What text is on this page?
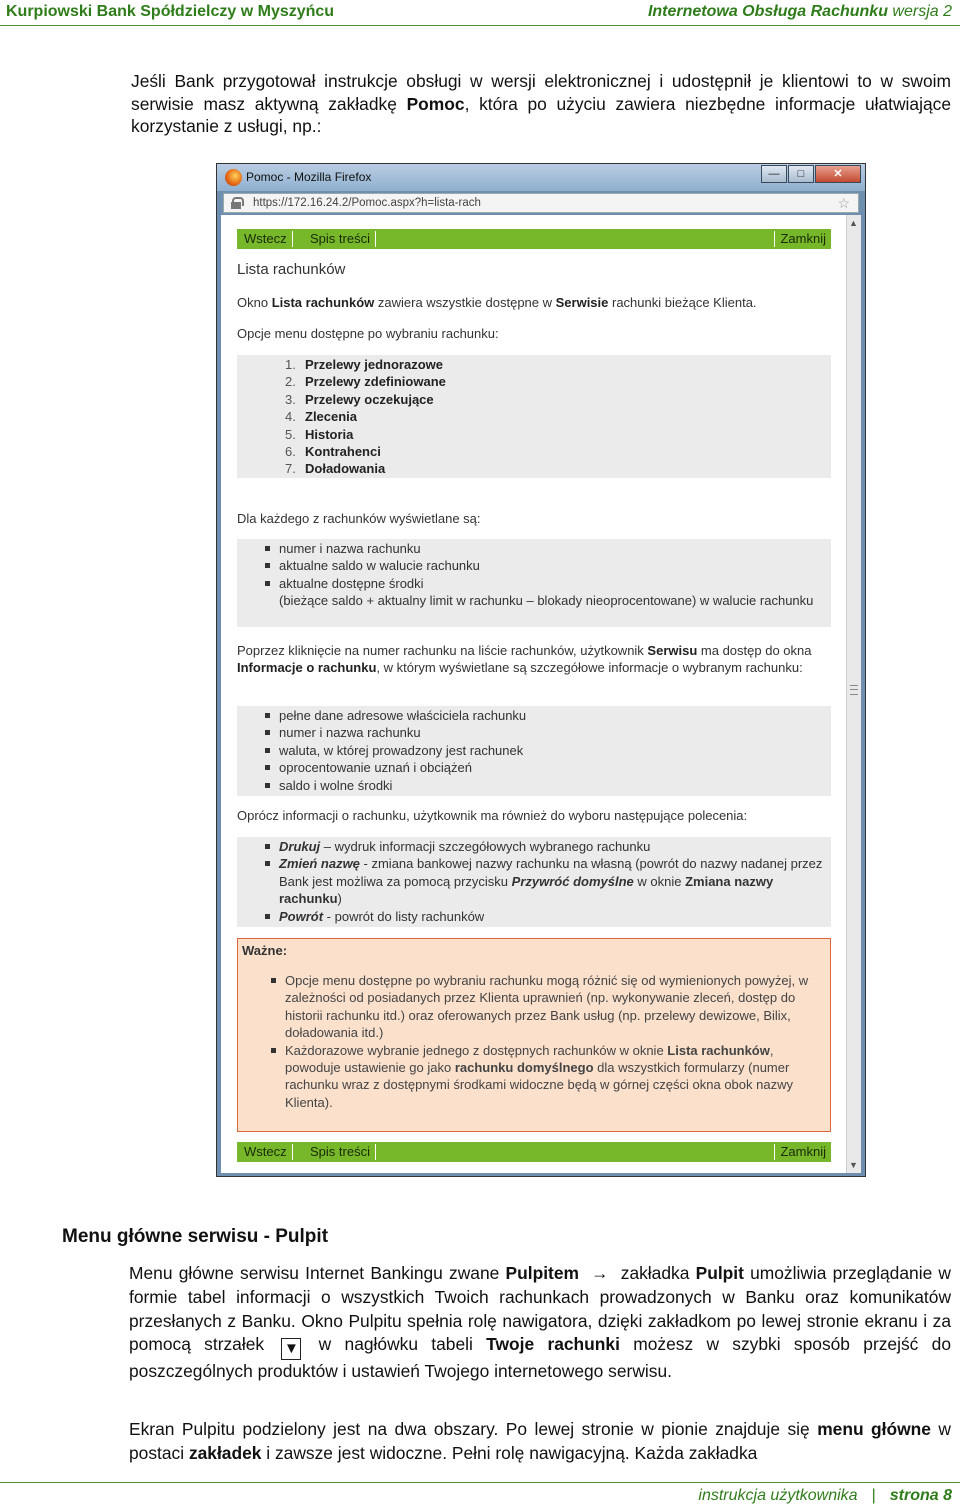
Kurpiowski Bank Spółdzielczy w Myszyńcu	Internetowa Obsługa Rachunku wersja 2

Jeśli Bank przygotował instrukcje obsługi w wersji elektronicznej i udostępnił je klientowi to w swoim serwisie masz aktywną zakładkę Pomoc, która po użyciu zawiera niezbędne informacje ułatwiające korzystanie z usługi, np.:

Pomoc - Mozilla Firefox	—	□	✕
https://172.16.24.2/Pomoc.aspx?h=lista-rach	☆
Wstecz	Spis treści	Zamknij
Lista rachunków
Okno Lista rachunków zawiera wszystkie dostępne w Serwisie rachunki bieżące Klienta.
Opcje menu dostępne po wybraniu rachunku:
1. Przelewy jednorazowe
2. Przelewy zdefiniowane
3. Przelewy oczekujące
4. Zlecenia
5. Historia
6. Kontrahenci
7. Doładowania
Dla każdego z rachunków wyświetlane są:
numer i nazwa rachunku
aktualne saldo w walucie rachunku
aktualne dostępne środki
(bieżące saldo + aktualny limit w rachunku – blokady nieoprocentowane) w walucie rachunku
Poprzez kliknięcie na numer rachunku na liście rachunków, użytkownik Serwisu ma dostęp do okna Informacje o rachunku, w którym wyświetlane są szczegółowe informacje o wybranym rachunku:
pełne dane adresowe właściciela rachunku
numer i nazwa rachunku
waluta, w której prowadzony jest rachunek
oprocentowanie uznań i obciążeń
saldo i wolne środki
Oprócz informacji o rachunku, użytkownik ma również do wyboru następujące polecenia:
Drukuj – wydruk informacji szczegółowych wybranego rachunku
Zmień nazwę - zmiana bankowej nazwy rachunku na własną (powrót do nazwy nadanej przez Bank jest możliwa za pomocą przycisku Przywróć domyślne w oknie Zmiana nazwy rachunku)
Powrót - powrót do listy rachunków
Ważne:
Opcje menu dostępne po wybraniu rachunku mogą różnić się od wymienionych powyżej, w zależności od posiadanych przez Klienta uprawnień (np. wykonywanie zleceń, dostęp do historii rachunku itd.) oraz oferowanych przez Bank usług (np. przelewy dewizowe, Bilix, doładowania itd.)
Każdorazowe wybranie jednego z dostępnych rachunków w oknie Lista rachunków, powoduje ustawienie go jako rachunku domyślnego dla wszystkich formularzy (numer rachunku wraz z dostępnymi środkami widoczne będą w górnej części okna obok nazwy Klienta).
Wstecz	Spis treści	Zamknij
▲
▼
Menu główne serwisu - Pulpit

Menu główne serwisu Internet Bankingu zwane Pulpitem → zakładka Pulpit umożliwia przeglądanie w formie tabel informacji o wszystkich Twoich rachunkach prowadzonych w Banku oraz komunikatów przesłanych z Banku. Okno Pulpitu spełnia rolę nawigatora, dzięki zakładkom po lewej stronie ekranu i za pomocą strzałek ▼ w nagłówku tabeli Twoje rachunki możesz w szybki sposób przejść do poszczególnych produktów i ustawień Twojego internetowego serwisu.

Ekran Pulpitu podzielony jest na dwa obszary. Po lewej stronie w pionie znajduje się menu główne w postaci zakładek i zawsze jest widoczne. Pełni rolę nawigacyjną. Każda zakładka

instrukcja użytkownika | strona 8
